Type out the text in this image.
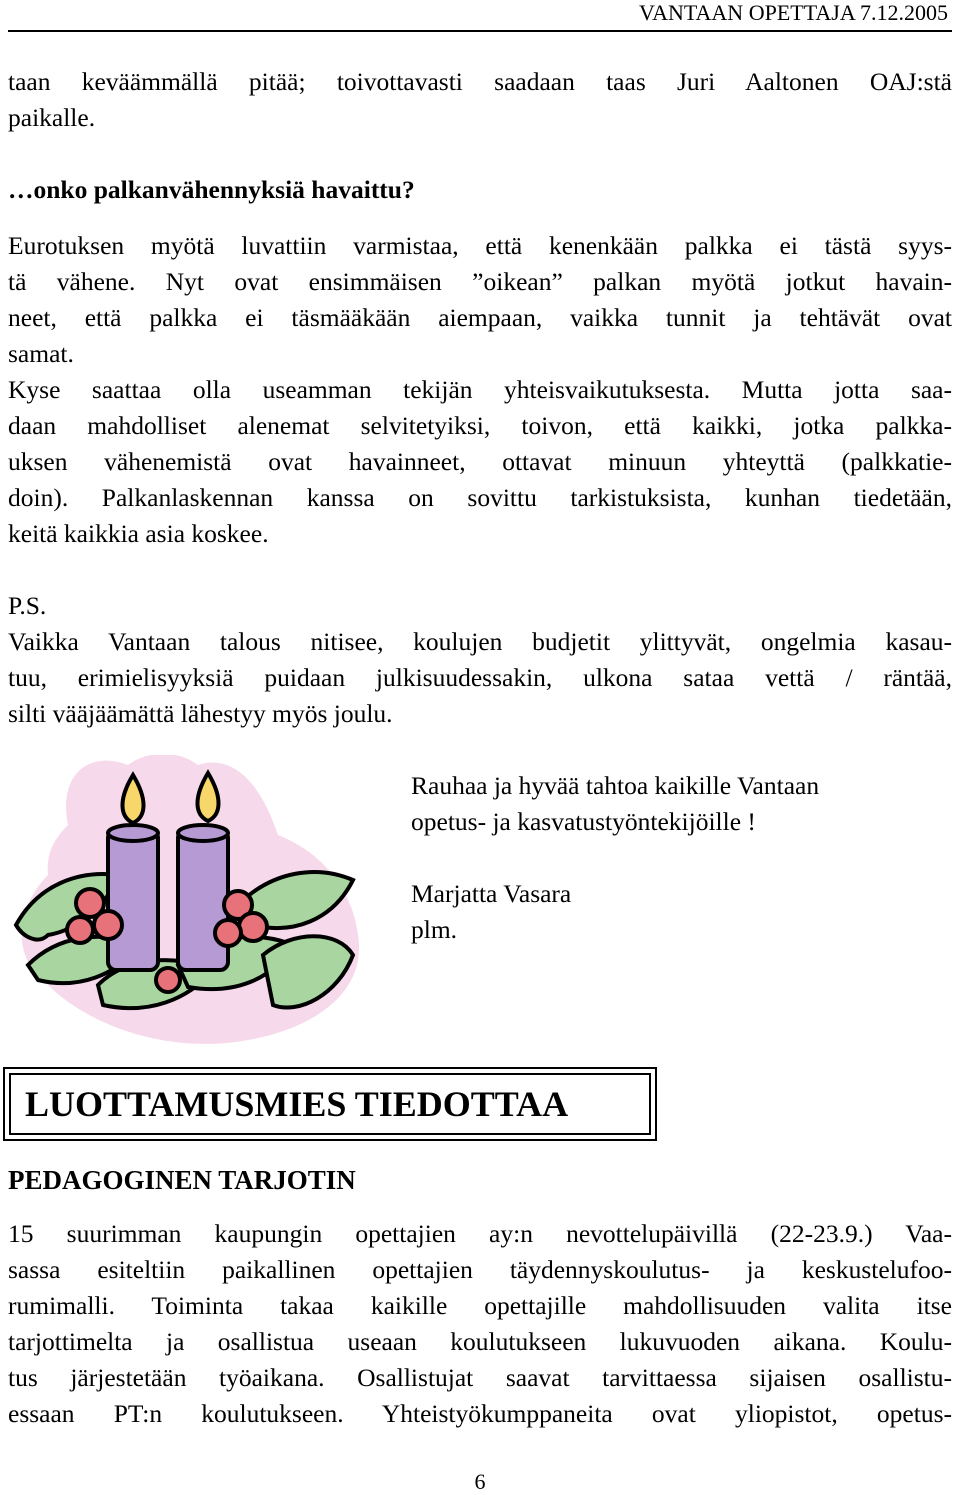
VANTAAN OPETTAJA 7.12.2005
taan keväämmällä pitää; toivottavasti saadaan taas Juri Aaltonen OAJ:stä
paikalle.
…onko palkanvähennyksiä havaittu?
Eurotuksen myötä luvattiin varmistaa, että kenenkään palkka ei tästä syys-
tä vähene. Nyt ovat ensimmäisen ”oikean” palkan myötä jotkut havain-
neet, että palkka ei täsmääkään aiempaan, vaikka tunnit ja tehtävät ovat
samat.
Kyse saattaa olla useamman tekijän yhteisvaikutuksesta. Mutta jotta saa-
daan mahdolliset alenemat selvitetyiksi, toivon, että kaikki, jotka palkka-
uksen vähenemistä ovat havainneet, ottavat minuun yhteyttä (palkkatie-
doin). Palkanlaskennan kanssa on sovittu tarkistuksista, kunhan tiedetään,
keitä kaikkia asia koskee.
P.S.
Vaikka Vantaan talous nitisee, koulujen budjetit ylittyvät, ongelmia kasau-
tuu, erimielisyyksiä puidaan julkisuudessakin, ulkona sataa vettä / räntää,
silti vääjäämättä lähestyy myös joulu.
Rauhaa ja hyvää tahtoa kaikille Vantaan
opetus- ja kasvatustyöntekijöille !
Marjatta Vasara
plm.
LUOTTAMUSMIES TIEDOTTAA
PEDAGOGINEN TARJOTIN
15 suurimman kaupungin opettajien ay:n nevottelupäivillä (22-23.9.) Vaa-
sassa esiteltiin paikallinen opettajien täydennyskoulutus- ja keskustelufoo-
rumimalli. Toiminta takaa kaikille opettajille mahdollisuuden valita itse
tarjottimelta ja osallistua useaan koulutukseen lukuvuoden aikana. Koulu-
tus järjestetään työaikana. Osallistujat saavat tarvittaessa sijaisen osallistu-
essaan PT:n koulutukseen. Yhteistyökumppaneita ovat yliopistot, opetus-
6
